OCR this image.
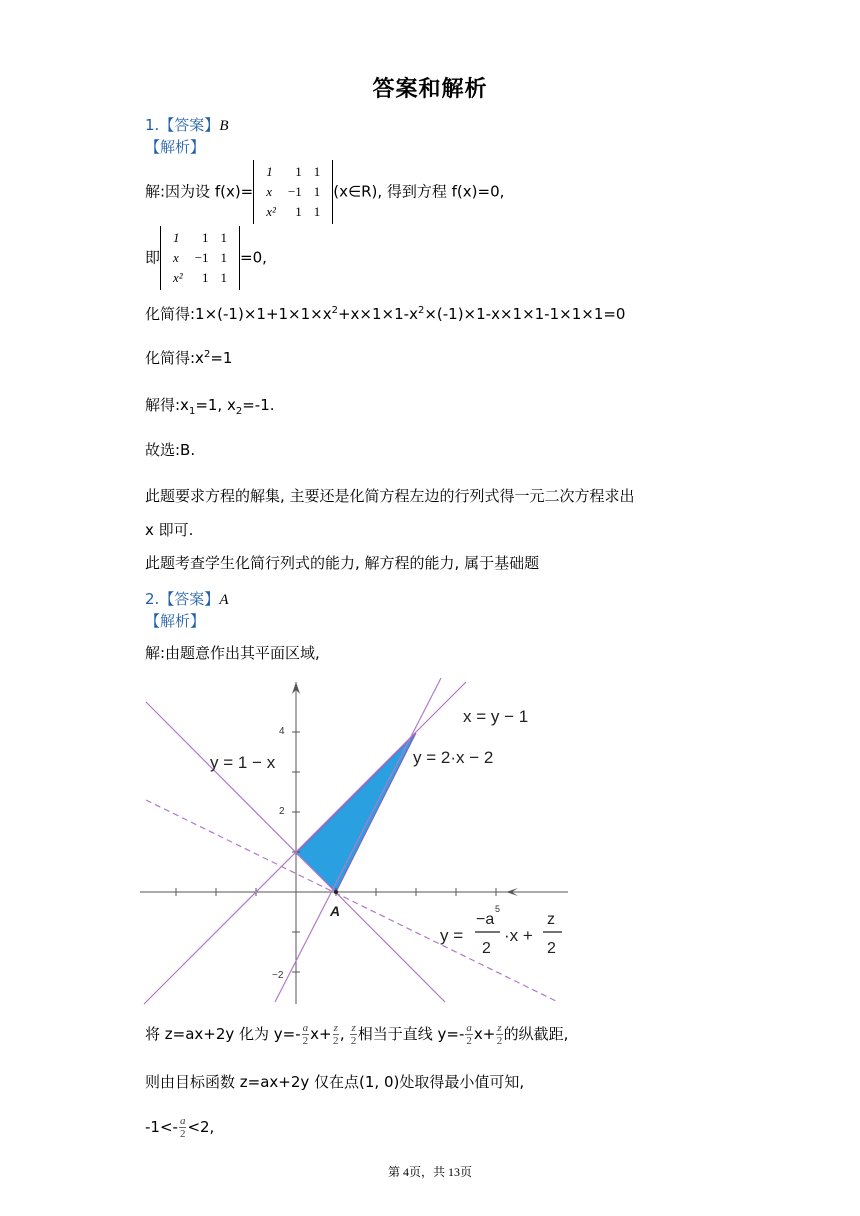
答案和解析
1.【答案】B
【解析】
解:因为设 f(x)=
1	1	1
x	−1	1
x²	1	1
(x∈R), 得到方程 f(x)=0,
即
1	1	1
x	−1	1
x²	1	1
=0,
化简得$:1\times(-1)\times 1+1\times 1\times x^2+x\times 1\times 1-x^2\times(-1)\times 1-x\times 1\times 1-1\times 1\times 1=0$
化简得$:x^2=1$
解得$:x_1=1$, $x_2=-1$.
故选:B.
此题要求方程的解集, 主要还是化简方程左边的行列式得一元二次方程求出
x 即可.
此题考查学生化简行列式的能力, 解方程的能力, 属于基础题
2.【答案】A
【解析】
解:由题意作出其平面区域,
4
2
−2
5
A
x = y − 1
y = 2·x − 2
y = 1 − x
y =
−a
2
·x +
z
2
将 z=ax+2y 化为 $y=- \frac{a}{2} x+ \frac{z}{2}$ , $\frac{z}{2}$ 相当于直线 $y=- \frac{a}{2} x+ \frac{z}{2}$ 的纵截距,
则由目标函数 z=ax+2y 仅在点(1, 0)处取得最小值可知,
$-1<- \frac{a}{2} <2$,
第 4页，共 13页
